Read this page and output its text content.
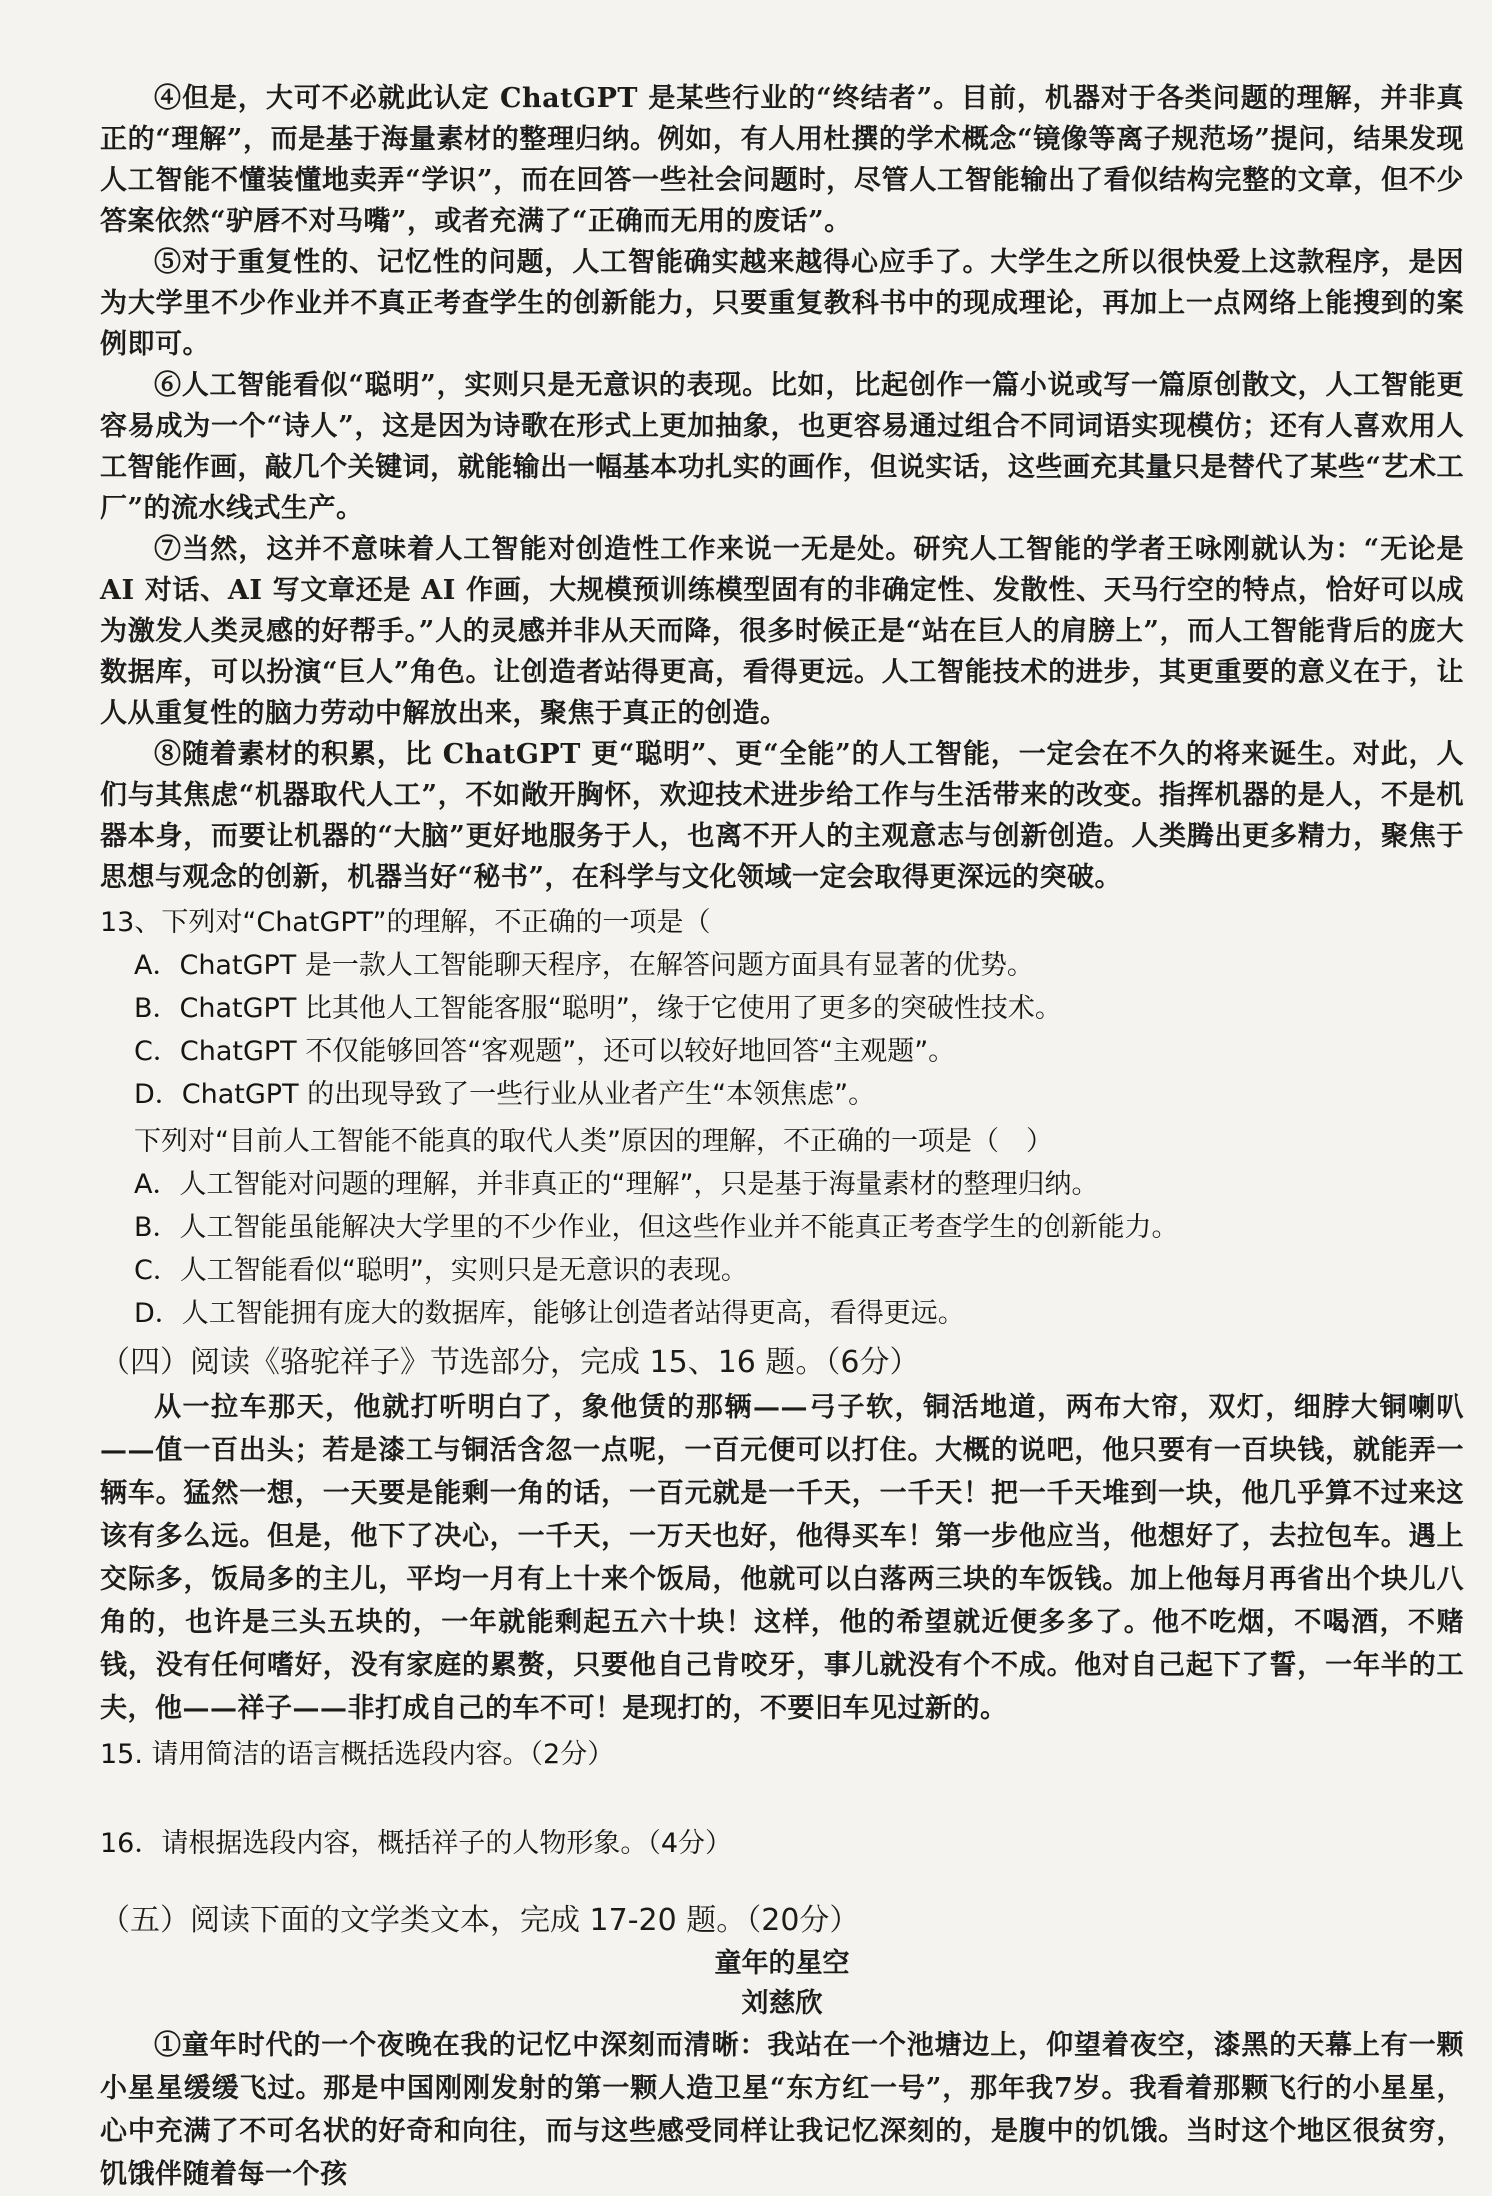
④但是，大可不必就此认定 ChatGPT 是某些行业的“终结者”。目前，机器对于各类问题的理解，并非真正的“理解”，而是基于海量素材的整理归纳。例如，有人用杜撰的学术概念“镜像等离子规范场”提问，结果发现人工智能不懂装懂地卖弄“学识”，而在回答一些社会问题时，尽管人工智能输出了看似结构完整的文章，但不少答案依然“驴唇不对马嘴”，或者充满了“正确而无用的废话”。

⑤对于重复性的、记忆性的问题，人工智能确实越来越得心应手了。大学生之所以很快爱上这款程序，是因为大学里不少作业并不真正考查学生的创新能力，只要重复教科书中的现成理论，再加上一点网络上能搜到的案例即可。

⑥人工智能看似“聪明”，实则只是无意识的表现。比如，比起创作一篇小说或写一篇原创散文，人工智能更容易成为一个“诗人”，这是因为诗歌在形式上更加抽象，也更容易通过组合不同词语实现模仿；还有人喜欢用人工智能作画，敲几个关键词，就能输出一幅基本功扎实的画作，但说实话，这些画充其量只是替代了某些“艺术工厂”的流水线式生产。

⑦当然，这并不意味着人工智能对创造性工作来说一无是处。研究人工智能的学者王咏刚就认为：“无论是 AI 对话、AI 写文章还是 AI 作画，大规模预训练模型固有的非确定性、发散性、天马行空的特点，恰好可以成为激发人类灵感的好帮手。”人的灵感并非从天而降，很多时候正是“站在巨人的肩膀上”，而人工智能背后的庞大数据库，可以扮演“巨人”角色。让创造者站得更高，看得更远。人工智能技术的进步，其更重要的意义在于，让人从重复性的脑力劳动中解放出来，聚焦于真正的创造。

⑧随着素材的积累，比 ChatGPT 更“聪明”、更“全能”的人工智能，一定会在不久的将来诞生。对此，人们与其焦虑“机器取代人工”，不如敞开胸怀，欢迎技术进步给工作与生活带来的改变。指挥机器的是人，不是机器本身，而要让机器的“大脑”更好地服务于人，也离不开人的主观意志与创新创造。人类腾出更多精力，聚焦于思想与观念的创新，机器当好“秘书”，在科学与文化领域一定会取得更深远的突破。

13、下列对“ChatGPT”的理解，不正确的一项是（

A．ChatGPT 是一款人工智能聊天程序，在解答问题方面具有显著的优势。

B．ChatGPT 比其他人工智能客服“聪明”，缘于它使用了更多的突破性技术。

C．ChatGPT 不仅能够回答“客观题”，还可以较好地回答“主观题”。

D．ChatGPT 的出现导致了一些行业从业者产生“本领焦虑”。

下列对“目前人工智能不能真的取代人类”原因的理解，不正确的一项是（　）

A．人工智能对问题的理解，并非真正的“理解”，只是基于海量素材的整理归纳。

B．人工智能虽能解决大学里的不少作业，但这些作业并不能真正考查学生的创新能力。

C．人工智能看似“聪明”，实则只是无意识的表现。

D．人工智能拥有庞大的数据库，能够让创造者站得更高，看得更远。

（四）阅读《骆驼祥子》节选部分，完成 15、16 题。（6分）

从一拉车那天，他就打听明白了，象他赁的那辆——弓子软，铜活地道，两布大帘，双灯，细脖大铜喇叭——值一百出头；若是漆工与铜活含忽一点呢，一百元便可以打住。大概的说吧，他只要有一百块钱，就能弄一辆车。猛然一想，一天要是能剩一角的话，一百元就是一千天，一千天！把一千天堆到一块，他几乎算不过来这该有多么远。但是，他下了决心，一千天，一万天也好，他得买车！第一步他应当，他想好了，去拉包车。遇上交际多，饭局多的主儿，平均一月有上十来个饭局，他就可以白落两三块的车饭钱。加上他每月再省出个块儿八角的，也许是三头五块的，一年就能剩起五六十块！这样，他的希望就近便多多了。他不吃烟，不喝酒，不赌钱，没有任何嗜好，没有家庭的累赘，只要他自己肯咬牙，事儿就没有个不成。他对自己起下了誓，一年半的工夫，他——祥子——非打成自己的车不可！是现打的，不要旧车见过新的。

15. 请用简洁的语言概括选段内容。（2分）

16．请根据选段内容，概括祥子的人物形象。（4分）

（五）阅读下面的文学类文本，完成 17-20 题。（20分）

童年的星空

刘慈欣

①童年时代的一个夜晚在我的记忆中深刻而清晰：我站在一个池塘边上，仰望着夜空，漆黑的天幕上有一颗小星星缓缓飞过。那是中国刚刚发射的第一颗人造卫星“东方红一号”，那年我7岁。我看着那颗飞行的小星星，心中充满了不可名状的好奇和向往，而与这些感受同样让我记忆深刻的，是腹中的饥饿。当时这个地区很贫穷，饥饿伴随着每一个孩
